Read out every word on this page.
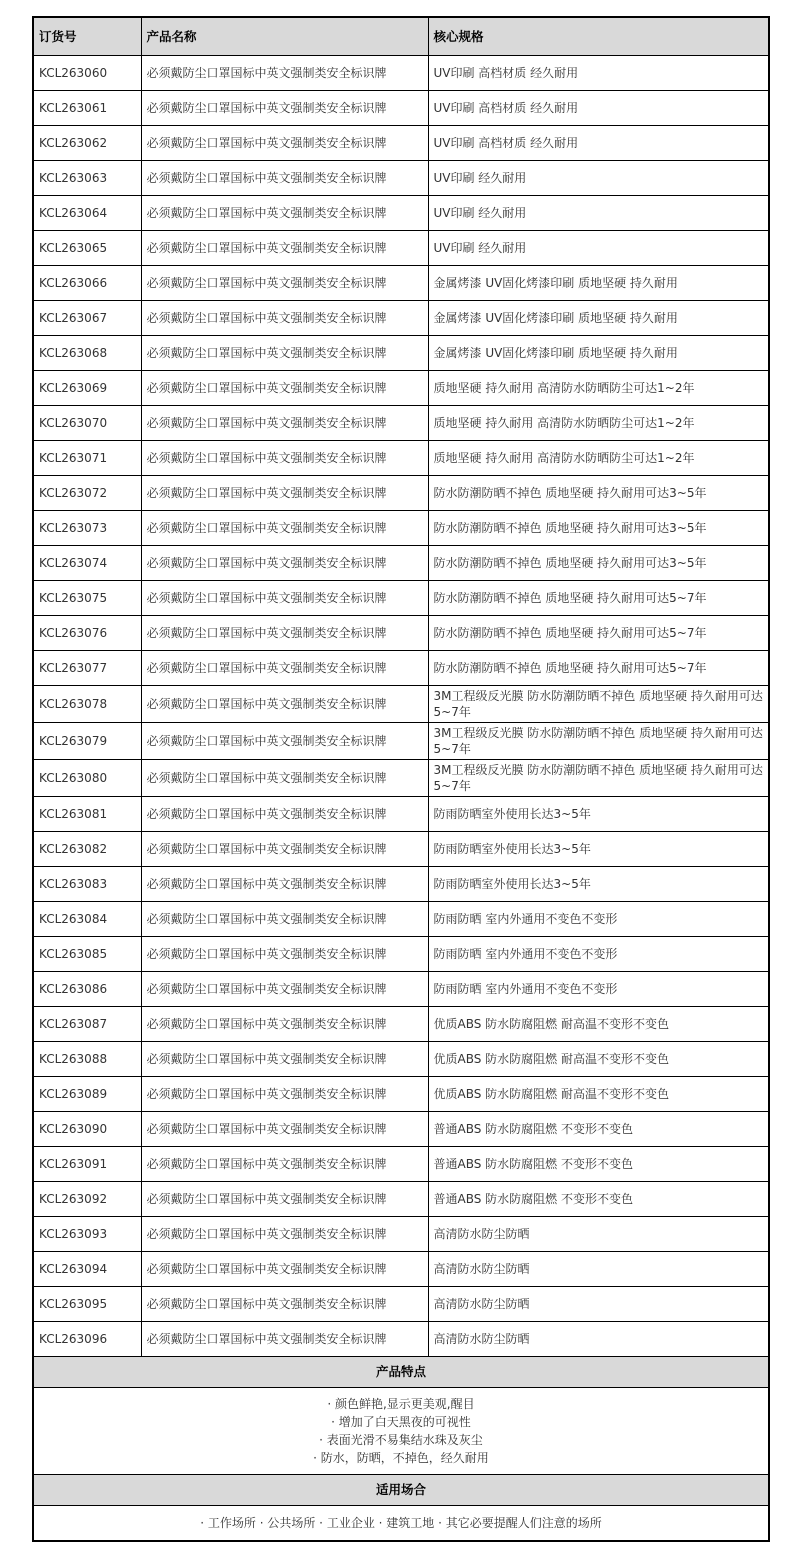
订货号	产品名称	核心规格
KCL263060	必须戴防尘口罩国标中英文强制类安全标识牌	UV印刷 高档材质 经久耐用
KCL263061	必须戴防尘口罩国标中英文强制类安全标识牌	UV印刷 高档材质 经久耐用
KCL263062	必须戴防尘口罩国标中英文强制类安全标识牌	UV印刷 高档材质 经久耐用
KCL263063	必须戴防尘口罩国标中英文强制类安全标识牌	UV印刷 经久耐用
KCL263064	必须戴防尘口罩国标中英文强制类安全标识牌	UV印刷 经久耐用
KCL263065	必须戴防尘口罩国标中英文强制类安全标识牌	UV印刷 经久耐用
KCL263066	必须戴防尘口罩国标中英文强制类安全标识牌	金属烤漆 UV固化烤漆印刷 质地坚硬 持久耐用
KCL263067	必须戴防尘口罩国标中英文强制类安全标识牌	金属烤漆 UV固化烤漆印刷 质地坚硬 持久耐用
KCL263068	必须戴防尘口罩国标中英文强制类安全标识牌	金属烤漆 UV固化烤漆印刷 质地坚硬 持久耐用
KCL263069	必须戴防尘口罩国标中英文强制类安全标识牌	质地坚硬 持久耐用 高清防水防晒防尘可达1~2年
KCL263070	必须戴防尘口罩国标中英文强制类安全标识牌	质地坚硬 持久耐用 高清防水防晒防尘可达1~2年
KCL263071	必须戴防尘口罩国标中英文强制类安全标识牌	质地坚硬 持久耐用 高清防水防晒防尘可达1~2年
KCL263072	必须戴防尘口罩国标中英文强制类安全标识牌	防水防潮防晒不掉色 质地坚硬 持久耐用可达3~5年
KCL263073	必须戴防尘口罩国标中英文强制类安全标识牌	防水防潮防晒不掉色 质地坚硬 持久耐用可达3~5年
KCL263074	必须戴防尘口罩国标中英文强制类安全标识牌	防水防潮防晒不掉色 质地坚硬 持久耐用可达3~5年
KCL263075	必须戴防尘口罩国标中英文强制类安全标识牌	防水防潮防晒不掉色 质地坚硬 持久耐用可达5~7年
KCL263076	必须戴防尘口罩国标中英文强制类安全标识牌	防水防潮防晒不掉色 质地坚硬 持久耐用可达5~7年
KCL263077	必须戴防尘口罩国标中英文强制类安全标识牌	防水防潮防晒不掉色 质地坚硬 持久耐用可达5~7年
KCL263078	必须戴防尘口罩国标中英文强制类安全标识牌	3M工程级反光膜 防水防潮防晒不掉色 质地坚硬 持久耐用可达5~7年
KCL263079	必须戴防尘口罩国标中英文强制类安全标识牌	3M工程级反光膜 防水防潮防晒不掉色 质地坚硬 持久耐用可达5~7年
KCL263080	必须戴防尘口罩国标中英文强制类安全标识牌	3M工程级反光膜 防水防潮防晒不掉色 质地坚硬 持久耐用可达5~7年
KCL263081	必须戴防尘口罩国标中英文强制类安全标识牌	防雨防晒室外使用长达3~5年
KCL263082	必须戴防尘口罩国标中英文强制类安全标识牌	防雨防晒室外使用长达3~5年
KCL263083	必须戴防尘口罩国标中英文强制类安全标识牌	防雨防晒室外使用长达3~5年
KCL263084	必须戴防尘口罩国标中英文强制类安全标识牌	防雨防晒 室内外通用不变色不变形
KCL263085	必须戴防尘口罩国标中英文强制类安全标识牌	防雨防晒 室内外通用不变色不变形
KCL263086	必须戴防尘口罩国标中英文强制类安全标识牌	防雨防晒 室内外通用不变色不变形
KCL263087	必须戴防尘口罩国标中英文强制类安全标识牌	优质ABS 防水防腐阻燃 耐高温不变形不变色
KCL263088	必须戴防尘口罩国标中英文强制类安全标识牌	优质ABS 防水防腐阻燃 耐高温不变形不变色
KCL263089	必须戴防尘口罩国标中英文强制类安全标识牌	优质ABS 防水防腐阻燃 耐高温不变形不变色
KCL263090	必须戴防尘口罩国标中英文强制类安全标识牌	普通ABS 防水防腐阻燃 不变形不变色
KCL263091	必须戴防尘口罩国标中英文强制类安全标识牌	普通ABS 防水防腐阻燃 不变形不变色
KCL263092	必须戴防尘口罩国标中英文强制类安全标识牌	普通ABS 防水防腐阻燃 不变形不变色
KCL263093	必须戴防尘口罩国标中英文强制类安全标识牌	高清防水防尘防晒
KCL263094	必须戴防尘口罩国标中英文强制类安全标识牌	高清防水防尘防晒
KCL263095	必须戴防尘口罩国标中英文强制类安全标识牌	高清防水防尘防晒
KCL263096	必须戴防尘口罩国标中英文强制类安全标识牌	高清防水防尘防晒
产品特点		

· 颜色鲜艳,显示更美观,醒目
· 增加了白天黑夜的可视性
· 表面光滑不易集结水珠及灰尘
· 防水，防晒，不掉色，经久耐用		

适用场合		
· 工作场所 · 公共场所 · 工业企业 · 建筑工地 · 其它必要提醒人们注意的场所		
